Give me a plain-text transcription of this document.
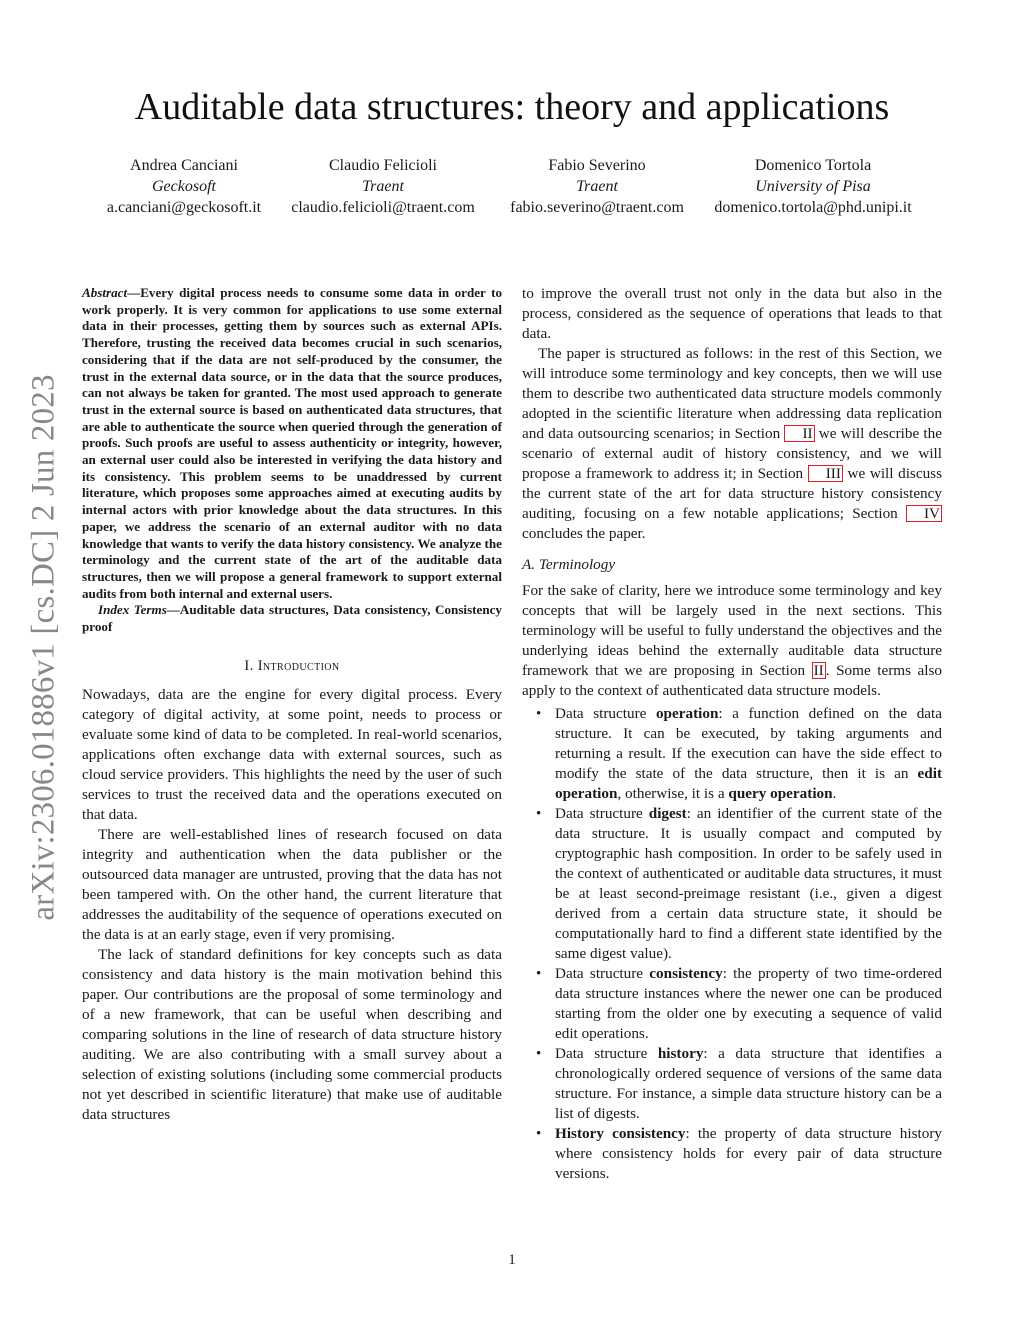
arXiv:2306.01886v1 [cs.DC] 2 Jun 2023
Auditable data structures: theory and applications
Andrea Canciani
Geckosoft
a.canciani@geckosoft.it
Claudio Felicioli
Traent
claudio.felicioli@traent.com
Fabio Severino
Traent
fabio.severino@traent.com
Domenico Tortola
University of Pisa
domenico.tortola@phd.unipi.it

Abstract—Every digital process needs to consume some data in order to work properly. It is very common for applications to use some external data in their processes, getting them by sources such as external APIs. Therefore, trusting the received data becomes crucial in such scenarios, considering that if the data are not self-produced by the consumer, the trust in the external data source, or in the data that the source produces, can not always be taken for granted. The most used approach to generate trust in the external source is based on authenticated data structures, that are able to authenticate the source when queried through the generation of proofs. Such proofs are useful to assess authenticity or integrity, however, an external user could also be interested in verifying the data history and its consistency. This problem seems to be unaddressed by current literature, which proposes some approaches aimed at executing audits by internal actors with prior knowledge about the data structures. In this paper, we address the scenario of an external auditor with no data knowledge that wants to verify the data history consistency. We analyze the terminology and the current state of the art of the auditable data structures, then we will propose a general framework to support external audits from both internal and external users.

Index Terms—Auditable data structures, Data consistency, Consistency proof

I. Introduction

Nowadays, data are the engine for every digital process. Every category of digital activity, at some point, needs to process or evaluate some kind of data to be completed. In real-world scenarios, applications often exchange data with external sources, such as cloud service providers. This highlights the need by the user of such services to trust the received data and the operations executed on that data.

There are well-established lines of research focused on data integrity and authentication when the data publisher or the outsourced data manager are untrusted, proving that the data has not been tampered with. On the other hand, the current literature that addresses the auditability of the sequence of operations executed on the data is at an early stage, even if very promising.

The lack of standard definitions for key concepts such as data consistency and data history is the main motivation behind this paper. Our contributions are the proposal of some terminology and of a new framework, that can be useful when describing and comparing solutions in the line of research of data structure history auditing. We are also contributing with a small survey about a selection of existing solutions (including some commercial products not yet described in scientific literature) that make use of auditable data structures

to improve the overall trust not only in the data but also in the process, considered as the sequence of operations that leads to that data.

The paper is structured as follows: in the rest of this Section, we will introduce some terminology and key concepts, then we will use them to describe two authenticated data structure models commonly adopted in the scientific literature when addressing data replication and data outsourcing scenarios; in Section II we will describe the scenario of external audit of history consistency, and we will propose a framework to address it; in Section III we will discuss the current state of the art for data structure history consistency auditing, focusing on a few notable applications; Section IV concludes the paper.

A. Terminology

For the sake of clarity, here we introduce some terminology and key concepts that will be largely used in the next sections. This terminology will be useful to fully understand the objectives and the underlying ideas behind the externally auditable data structure framework that we are proposing in Section II . Some terms also apply to the context of authenticated data structure models.

• Data structure operation: a function defined on the data structure. It can be executed, by taking arguments and returning a result. If the execution can have the side effect to modify the state of the data structure, then it is an edit operation, otherwise, it is a query operation.
• Data structure digest: an identifier of the current state of the data structure. It is usually compact and computed by cryptographic hash composition. In order to be safely used in the context of authenticated or auditable data structures, it must be at least second-preimage resistant (i.e., given a digest derived from a certain data structure state, it should be computationally hard to find a different state identified by the same digest value).
• Data structure consistency: the property of two time-ordered data structure instances where the newer one can be produced starting from the older one by executing a sequence of valid edit operations.
• Data structure history: a data structure that identifies a chronologically ordered sequence of versions of the same data structure. For instance, a simple data structure history can be a list of digests.
• History consistency: the property of data structure history where consistency holds for every pair of data structure versions.
1
